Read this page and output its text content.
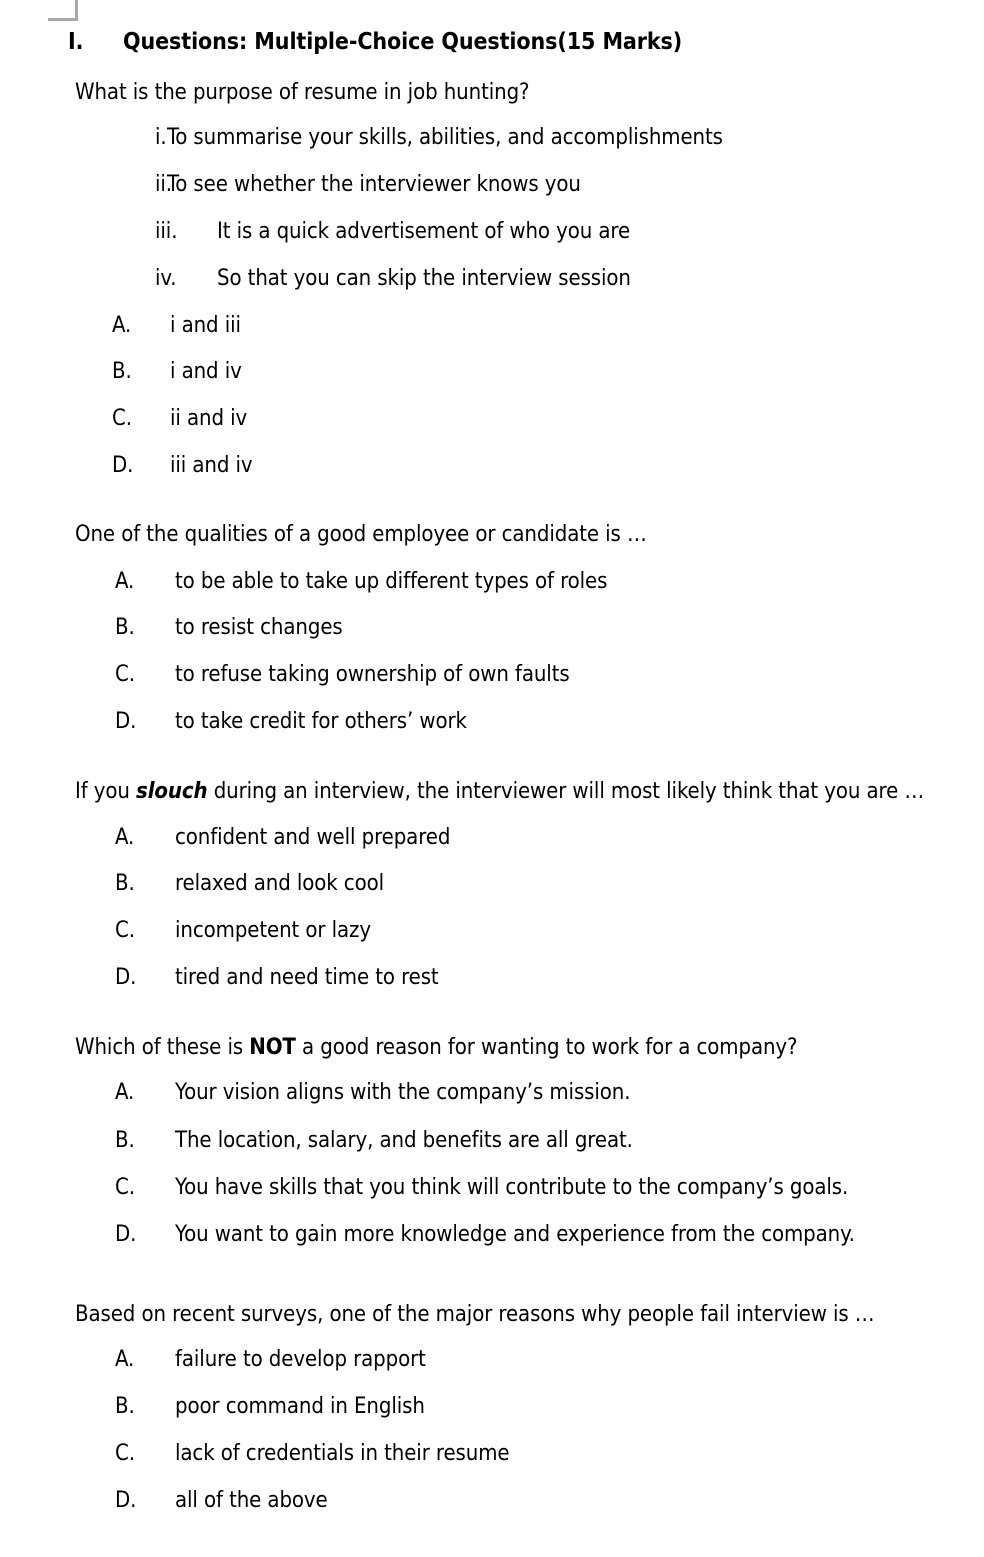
I.	Questions: Multiple-Choice Questions(15 Marks)
What is the purpose of resume in job hunting?
i. To summarise your skills, abilities, and accomplishments
ii.
To see whether the interviewer knows you
iii.	It is a quick advertisement of who you are
iv.	So that you can skip the interview session
A.	i and iii
B.	i and iv
C.	ii and iv
D.	iii and iv
One of the qualities of a good employee or candidate is …
A.	to be able to take up different types of roles
B.	to resist changes
C.	to refuse taking ownership of own faults
D.	to take credit for others’ work
If you slouch during an interview, the interviewer will most likely think that you are …
A.	confident and well prepared
B.	relaxed and look cool
C.	incompetent or lazy
D.	tired and need time to rest
Which of these is NOT a good reason for wanting to work for a company?
A.	Your vision aligns with the company’s mission.
B.	The location, salary, and benefits are all great.
C.	You have skills that you think will contribute to the company’s goals.
D.	You want to gain more knowledge and experience from the company.
Based on recent surveys, one of the major reasons why people fail interview is …
A.	failure to develop rapport
B.	poor command in English
C.	lack of credentials in their resume
D.	all of the above
